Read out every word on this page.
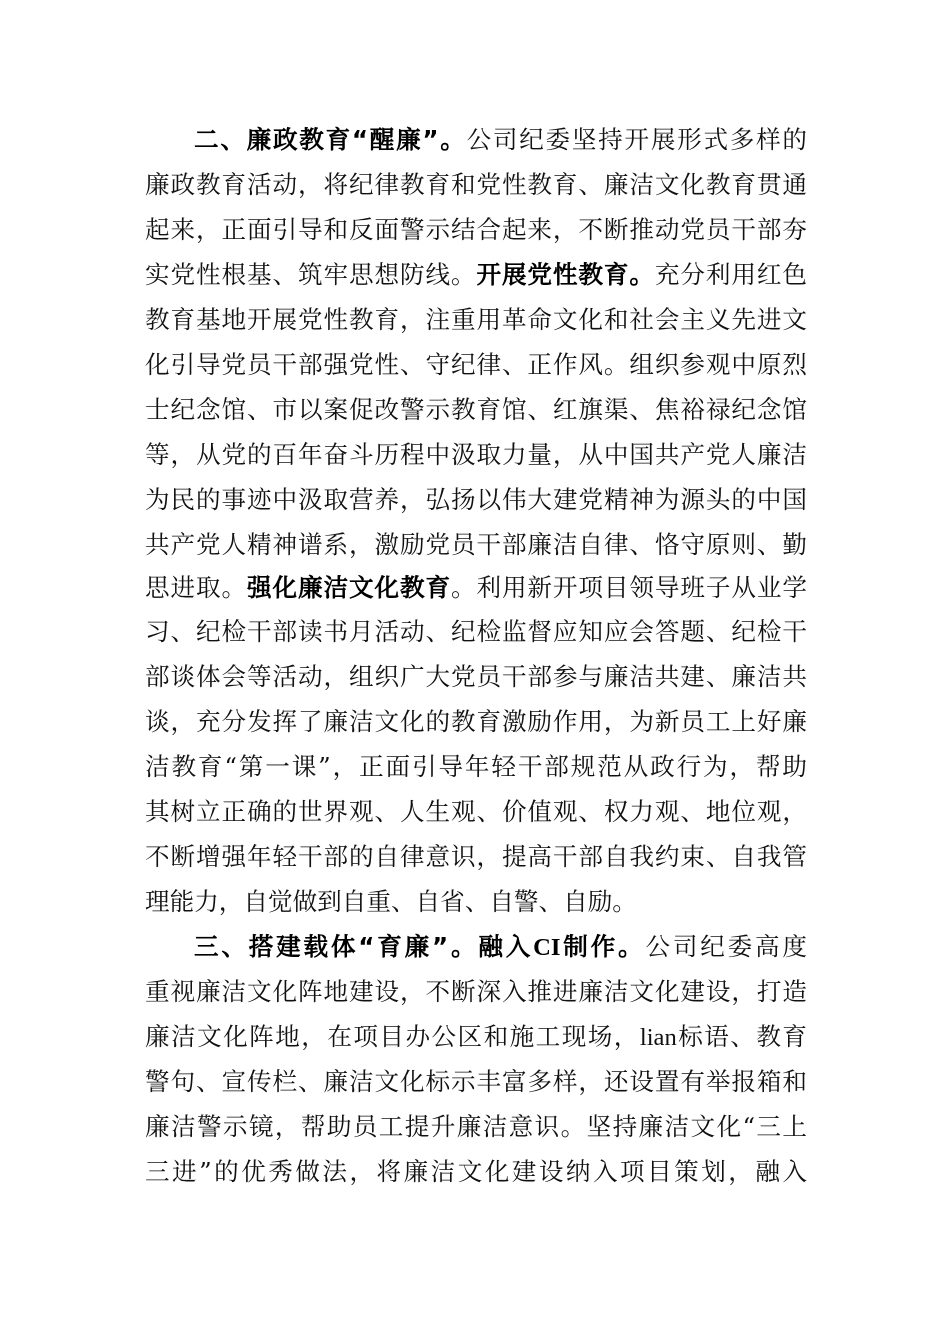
二、廉政教育“醒廉”。公司纪委坚持开展形式多样的
廉政教育活动，将纪律教育和党性教育、廉洁文化教育贯通
起来，正面引导和反面警示结合起来，不断推动党员干部夯
实党性根基、筑牢思想防线。开展党性教育。充分利用红色
教育基地开展党性教育，注重用革命文化和社会主义先进文
化引导党员干部强党性、守纪律、正作风。组织参观中原烈
士纪念馆、市以案促改警示教育馆、红旗渠、焦裕禄纪念馆
等，从党的百年奋斗历程中汲取力量，从中国共产党人廉洁
为民的事迹中汲取营养，弘扬以伟大建党精神为源头的中国
共产党人精神谱系，激励党员干部廉洁自律、恪守原则、勤
思进取。强化廉洁文化教育。利用新开项目领导班子从业学
习、纪检干部读书月活动、纪检监督应知应会答题、纪检干
部谈体会等活动，组织广大党员干部参与廉洁共建、廉洁共
谈，充分发挥了廉洁文化的教育激励作用，为新员工上好廉
洁教育“第一课”，正面引导年轻干部规范从政行为，帮助
其树立正确的世界观、人生观、价值观、权力观、地位观，
不断增强年轻干部的自律意识，提高干部自我约束、自我管
理能力，自觉做到自重、自省、自警、自励。
三、搭建载体“育廉”。融入CI制作。公司纪委高度
重视廉洁文化阵地建设，不断深入推进廉洁文化建设，打造
廉洁文化阵地，在项目办公区和施工现场，lian标语、教育
警句、宣传栏、廉洁文化标示丰富多样，还设置有举报箱和
廉洁警示镜，帮助员工提升廉洁意识。坚持廉洁文化“三上
三进”的优秀做法，将廉洁文化建设纳入项目策划，融入
